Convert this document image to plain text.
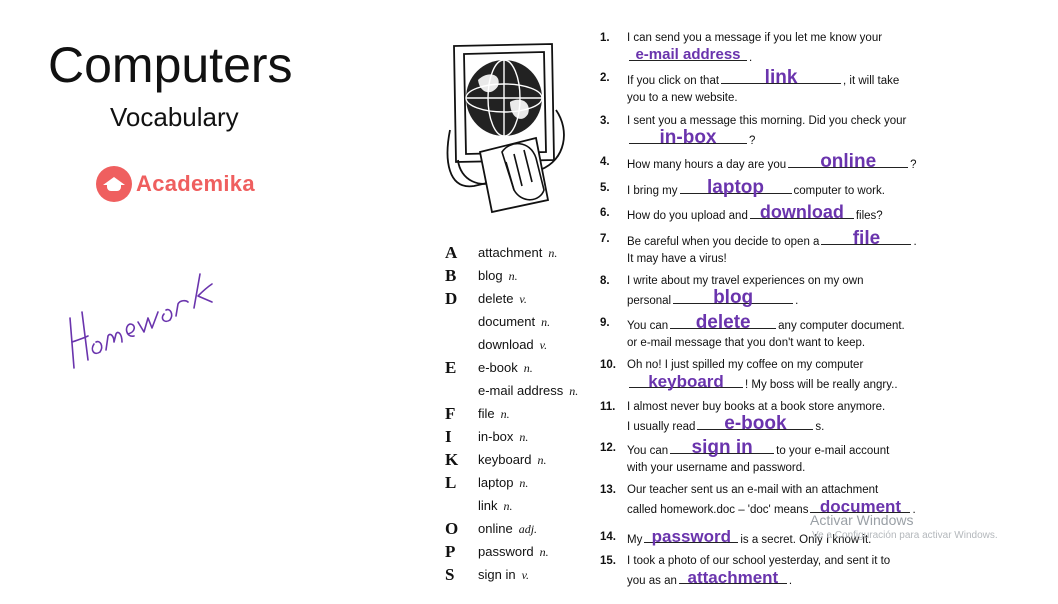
Computers
Vocabulary
Academika
Homework	A	attachment n.
B	blog n.
D	delete v.
document n.
download v.
E	e-book n.
e-mail address n.
F	file n.
I	in-box n.
K	keyboard n.
L	laptop n.
link n.
O	online adj.
P	password n.
S	sign in v.
1.	I can send you a message if you let me know your
e-mail address .
2.	If you click on that	link	, it will take
you to a new website.
3.	I sent you a message this morning. Did you check your
in-box	?
4.	How many hours a day are you	online	?
5.	I bring my	laptop	computer to work.
6.	How do you upload and download	files?
7.	Be careful when you decide to open a	file	.
It may have a virus!
8.	I write about my travel experiences on my own
personal	blog	.
9.	You can	delete	any computer document.
or e-mail message that you don't want to keep.
10. Oh no! I just spilled my coffee on my computer
keyboard	! My boss will be really angry..
11.	I almost never buy books at a book store anymore.
I usually read	e-book	s.
12. You can	sign in	to your e-mail account
with your username and password.
13. Our teacher sent us an e-mail with an attachment
called homework.doc – 'doc' means document .
14. My password is a secret. Only I know it.
15. I took a photo of our school yesterday, and sent it to
you as an attachment .
Activar Windows
Ve a Configuración para activar Windows.
